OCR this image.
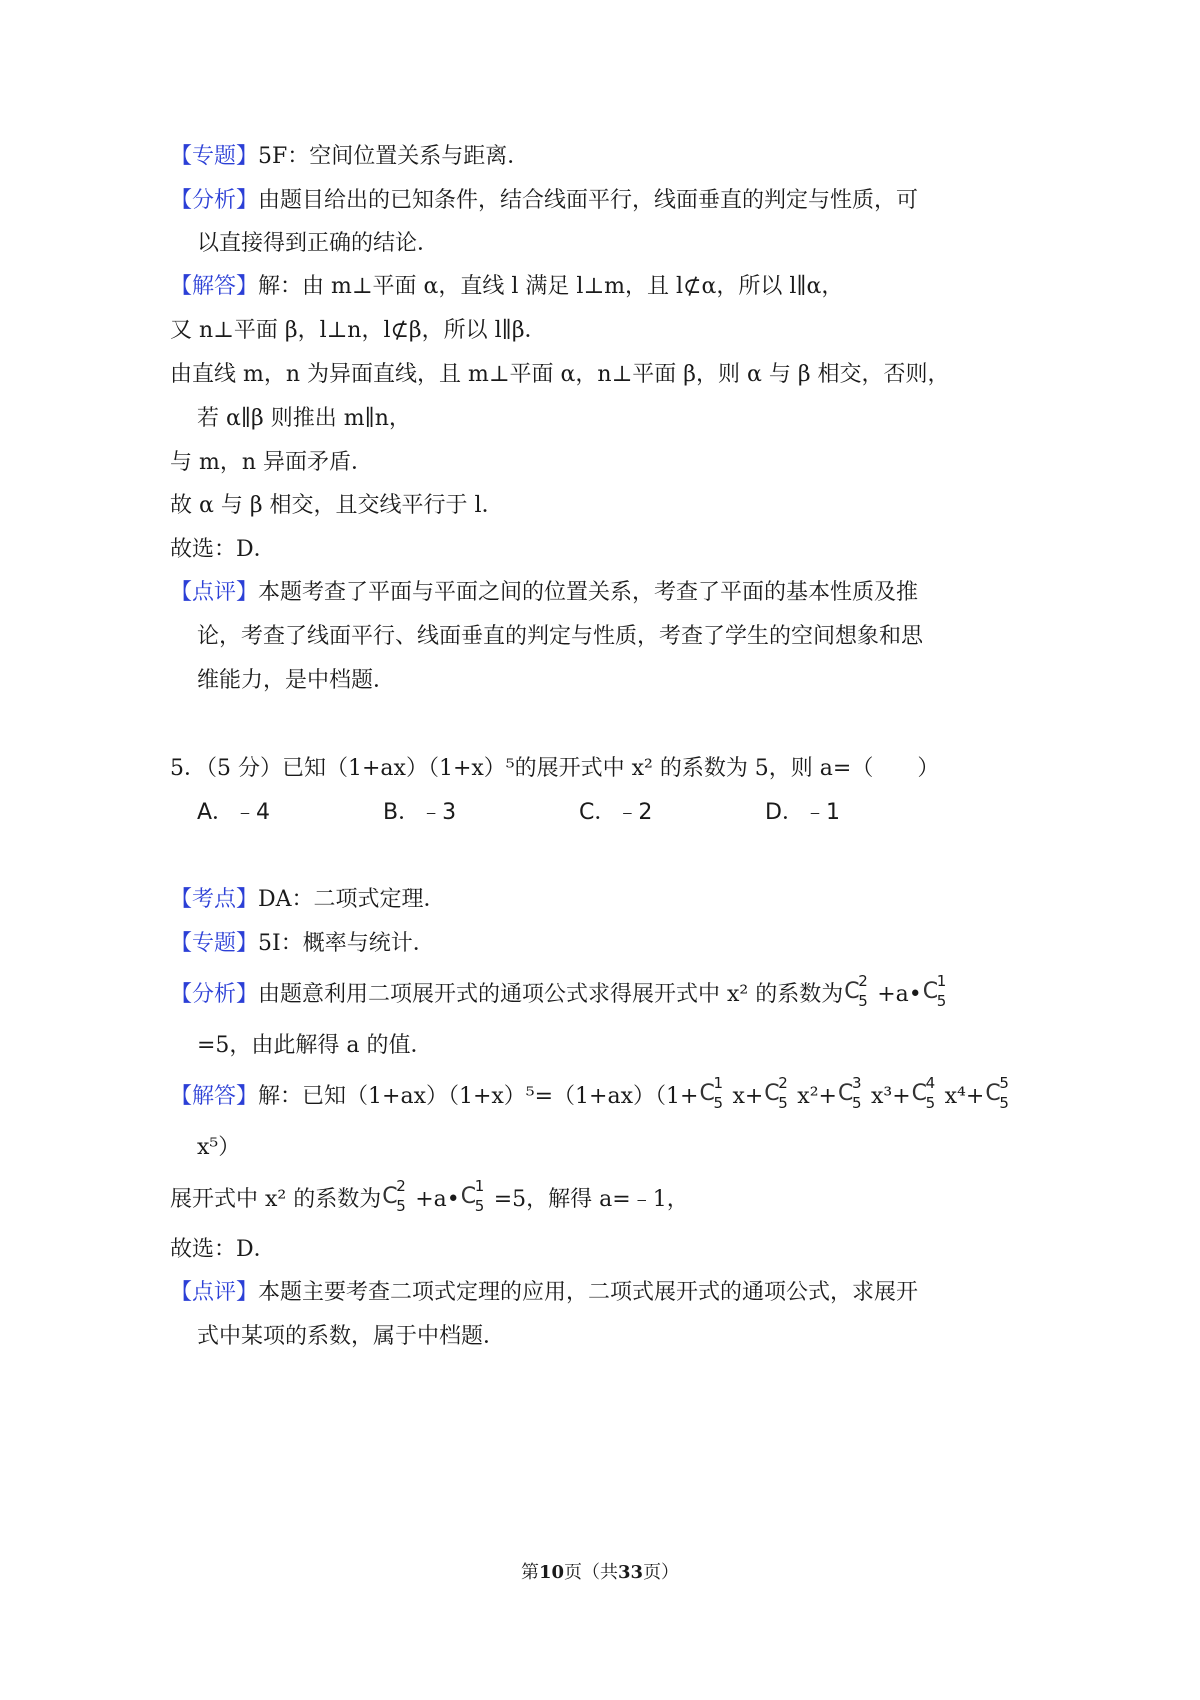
【专题】5F：空间位置关系与距离．
【分析】由题目给出的已知条件，结合线面平行，线面垂直的判定与性质，可
以直接得到正确的结论．
【解答】解：由 m⊥平面 α，直线 l 满足 l⊥m，且 l⊄α，所以 l∥α，
又 n⊥平面 β，l⊥n，l⊄β，所以 l∥β．
由直线 m，n 为异面直线，且 m⊥平面 α，n⊥平面 β，则 α 与 β 相交，否则，
若 α∥β 则推出 m∥n，
与 m，n 异面矛盾．
故 α 与 β 相交，且交线平行于 l．
故选：D．
【点评】本题考查了平面与平面之间的位置关系，考查了平面的基本性质及推
论，考查了线面平行、线面垂直的判定与性质，考查了学生的空间想象和思
维能力，是中档题．
5．（5 分）已知（1+ax）（1+x）⁵的展开式中 x² 的系数为 5，则 a=（　　）
A．﹣4	B．﹣3	C．﹣2	D．﹣1
【考点】DA：二项式定理．
【专题】5I：概率与统计．
【分析】由题意利用二项展开式的通项公式求得展开式中 x² 的系数为 C
2
5 +a• C
1
5
=5，由此解得 a 的值．
【解答】解：已知（1+ax）（1+x）⁵=（1+ax）（1+ C
1
5 x+ C
2
5 x²+ C
3
5 x³+ C
4
5 x⁴+ C
5
5
x⁵）
展开式中 x² 的系数为 C
2
5 +a• C
1
5 =5，解得 a=﹣1，
故选：D．
【点评】本题主要考查二项式定理的应用，二项式展开式的通项公式，求展开
式中某项的系数，属于中档题．
第10页（共33页）
